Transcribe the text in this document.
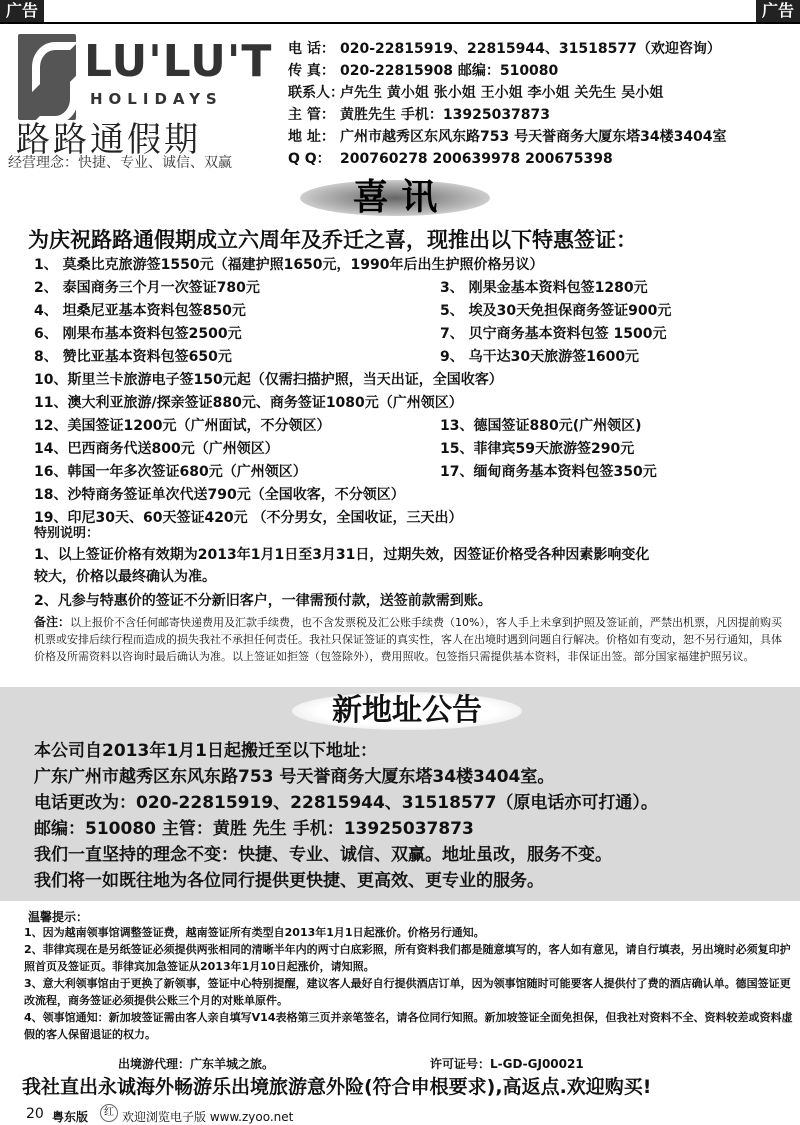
广告	广告
LU'LU'T
HOLIDAYS
路路通假期
经营理念：快捷、专业、诚信、双赢
电 话： 020-22815919、22815944、31518577（欢迎咨询）
传 真： 020-22815908 邮编：510080
联系人：卢先生 黄小姐 张小姐 王小姐 李小姐 关先生 吴小姐
主 管： 黄胜先生 手机：13925037873
地 址： 广州市越秀区东风东路753 号天誉商务大厦东塔34楼3404室
Q Q： 200760278 200639978 200675398
喜 讯
为庆祝路路通假期成立六周年及乔迁之喜，现推出以下特惠签证：
1、 莫桑比克旅游签1550元（福建护照1650元，1990年后出生护照价格另议）
2、 泰国商务三个月一次签证780元	3、 刚果金基本资料包签1280元
4、 坦桑尼亚基本资料包签850元	5、 埃及30天免担保商务签证900元
6、 刚果布基本资料包签2500元	7、 贝宁商务基本资料包签 1500元
8、 赞比亚基本资料包签650元	9、 乌干达30天旅游签1600元
10、斯里兰卡旅游电子签150元起（仅需扫描护照，当天出证，全国收客）
11、澳大利亚旅游/探亲签证880元、商务签证1080元（广州领区）
12、美国签证1200元（广州面试，不分领区）	13、德国签证880元(广州领区)
14、巴西商务代送800元（广州领区）	15、菲律宾59天旅游签290元
16、韩国一年多次签证680元（广州领区）	17、缅甸商务基本资料包签350元
18、沙特商务签证单次代送790元（全国收客，不分领区）
19、印尼30天、60天签证420元 （不分男女，全国收证，三天出）
特别说明：
1、以上签证价格有效期为2013年1月1日至3月31日，过期失效，因签证价格受各种因素影响变化
较大，价格以最终确认为准。
2、凡参与特惠价的签证不分新旧客户，一律需预付款，送签前款需到账。
备注：以上报价不含任何邮寄快递费用及汇款手续费，也不含发票税及汇公账手续费（10%），客人手上未拿到护照及签证前，严禁出机票，凡因提前购买机票或安排后续行程而造成的损失我社不承担任何责任。我社只保证签证的真实性，客人在出境时遇到问题自行解决。价格如有变动，恕不另行通知，具体价格及所需资料以咨询时最后确认为准。以上签证如拒签（包签除外），费用照收。包签指只需提供基本资料，非保证出签。部分国家福建护照另议。
新地址公告
本公司自2013年1月1日起搬迁至以下地址：
广东广州市越秀区东风东路753 号天誉商务大厦东塔34楼3404室。
电话更改为：020-22815919、22815944、31518577（原电话亦可打通）。
邮编：510080 主管：黄胜 先生 手机：13925037873
我们一直坚持的理念不变：快捷、专业、诚信、双赢。地址虽改，服务不变。
我们将一如既往地为各位同行提供更快捷、更高效、更专业的服务。
温馨提示：
1、因为越南领事馆调整签证费，越南签证所有类型自2013年1月1日起涨价。价格另行通知。
2、菲律宾现在是另纸签证必须提供两张相同的清晰半年内的两寸白底彩照，所有资料我们都是随意填写的，客人如有意见，请自行填表，另出境时必须复印护照首页及签证页。菲律宾加急签证从2013年1月10日起涨价，请知照。
3、意大利领事馆由于更换了新领事，签证中心特别提醒，建议客人最好自行提供酒店订单，因为领事馆随时可能要客人提供付了费的酒店确认单。德国签证更改流程，商务签证必须提供公账三个月的对账单原件。
4、领事馆通知：新加坡签证需由客人亲自填写V14表格第三页并亲笔签名，请各位同行知照。新加坡签证全面免担保，但我社对资料不全、资料较差或资料虚假的客人保留退证的权力。
出境游代理：广东羊城之旅。	许可证号：L-GD-GJ00021
我社直出永诚海外畅游乐出境旅游意外险(符合申根要求),高返点.欢迎购买!
20 粤东版	红 欢迎浏览电子版 www.zyoo.net
